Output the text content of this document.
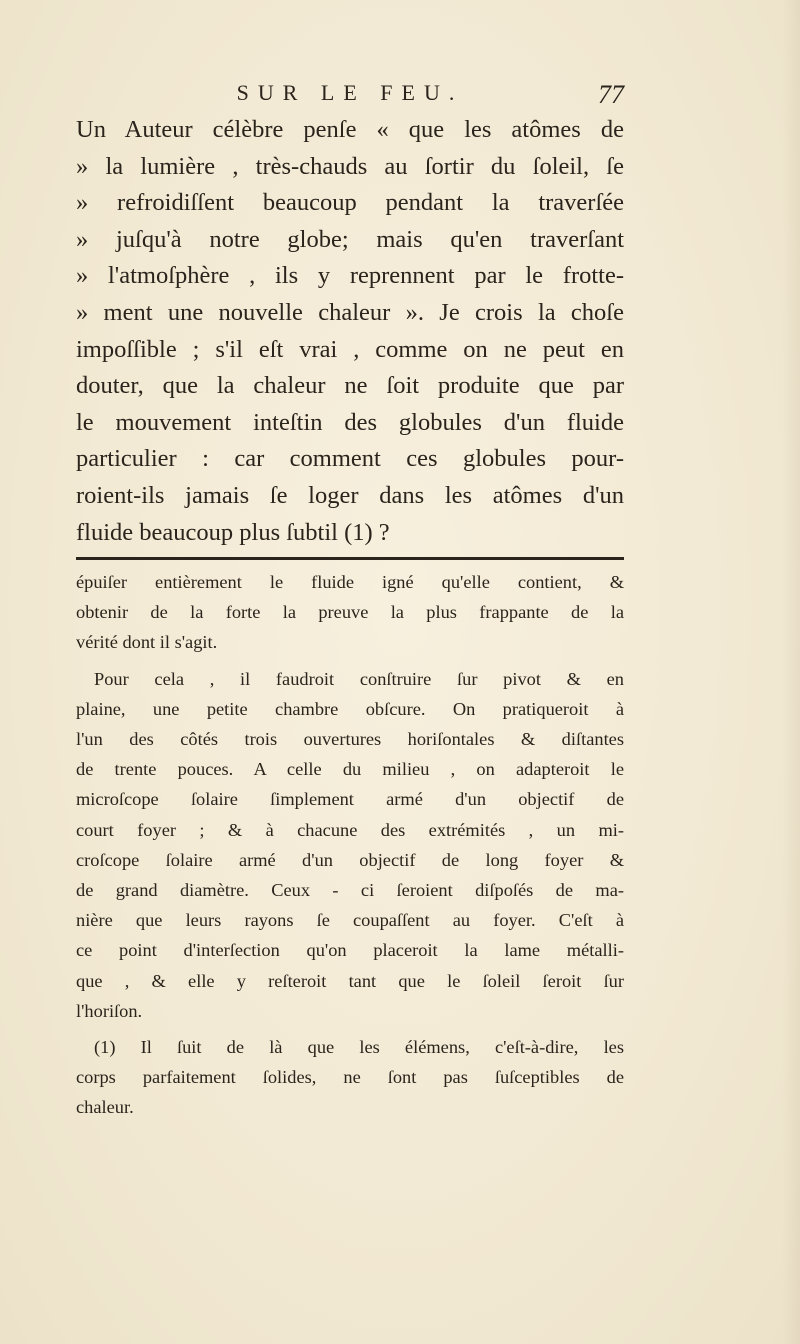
SUR LE FEU.	77
Un Auteur célèbre penſe « que les atômes de
» la lumière , très-chauds au ſortir du ſoleil, ſe
» refroidiſſent beaucoup pendant la traverſée
» juſqu'à notre globe; mais qu'en traverſant
» l'atmoſphère , ils y reprennent par le frotte-
» ment une nouvelle chaleur ». Je crois la choſe
impoſſible ; s'il eſt vrai , comme on ne peut en
douter, que la chaleur ne ſoit produite que par
le mouvement inteſtin des globules d'un fluide
particulier : car comment ces globules pour-
roient-ils jamais ſe loger dans les atômes d'un
fluide beaucoup plus ſubtil (1) ?
épuiſer entièrement le fluide igné qu'elle contient, &
obtenir de la forte la preuve la plus frappante de la
vérité dont il s'agit.
Pour cela , il faudroit conſtruire ſur pivot & en
plaine, une petite chambre obſcure. On pratiqueroit à
l'un des côtés trois ouvertures horiſontales & diſtantes
de trente pouces. A celle du milieu , on adapteroit le
microſcope ſolaire ſimplement armé d'un objectif de
court foyer ; & à chacune des extrémités , un mi-
croſcope ſolaire armé d'un objectif de long foyer &
de grand diamètre. Ceux - ci ſeroient diſpoſés de ma-
nière que leurs rayons ſe coupaſſent au foyer. C'eſt à
ce point d'interſection qu'on placeroit la lame métalli-
que , & elle y reſteroit tant que le ſoleil ſeroit ſur
l'horiſon.
(1) Il ſuit de là que les élémens, c'eſt-à-dire, les
corps parfaitement ſolides, ne ſont pas ſuſceptibles de
chaleur.
